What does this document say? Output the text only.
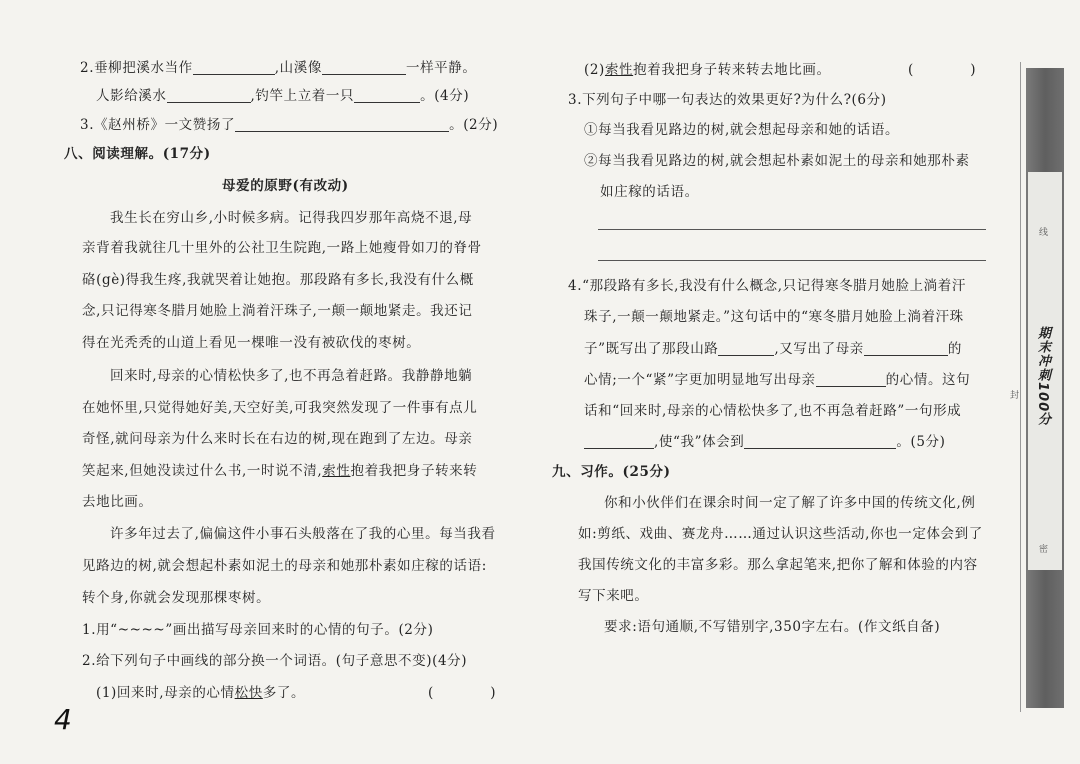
2.垂柳把溪水当作	,山溪像	一样平静。
人影给溪水	,钓竿上立着一只	。(4分)
3.《赵州桥》一文赞扬了	。(2分)
八、阅读理解。(17分)
母爱的原野(有改动)
我生长在穷山乡,小时候多病。记得我四岁那年高烧不退,母
亲背着我就往几十里外的公社卫生院跑,一路上她瘦骨如刀的脊骨
硌(gè)得我生疼,我就哭着让她抱。那段路有多长,我没有什么概
念,只记得寒冬腊月她脸上淌着汗珠子,一颠一颠地紧走。我还记
得在光秃秃的山道上看见一棵唯一没有被砍伐的枣树。
回来时,母亲的心情松快多了,也不再急着赶路。我静静地躺
在她怀里,只觉得她好美,天空好美,可我突然发现了一件事有点儿
奇怪,就问母亲为什么来时长在右边的树,现在跑到了左边。母亲
笑起来,但她没读过什么书,一时说不清,索性抱着我把身子转来转
去地比画。
许多年过去了,偏偏这件小事石头般落在了我的心里。每当我看
见路边的树,就会想起朴素如泥土的母亲和她那朴素如庄稼的话语:
转个身,你就会发现那棵枣树。
1.用“~~~~”画出描写母亲回来时的心情的句子。(2分)
2.给下列句子中画线的部分换一个词语。(句子意思不变)(4分)
(1)回来时,母亲的心情松快多了。	(　　　　)
4
(2)索性抱着我把身子转来转去地比画。	(　　　　)
3.下列句子中哪一句表达的效果更好?为什么?(6分)
①每当我看见路边的树,就会想起母亲和她的话语。
②每当我看见路边的树,就会想起朴素如泥土的母亲和她那朴素
如庄稼的话语。
4.“那段路有多长,我没有什么概念,只记得寒冬腊月她脸上淌着汗
珠子,一颠一颠地紧走。”这句话中的“寒冬腊月她脸上淌着汗珠
子”既写出了那段山路	,又写出了母亲	的
心情;一个“紧”字更加明显地写出母亲	的心情。这句
话和“回来时,母亲的心情松快多了,也不再急着赶路”一句形成
,使“我”体会到	。(5分)
九、习作。(25分)
你和小伙伴们在课余时间一定了解了许多中国的传统文化,例
如:剪纸、戏曲、赛龙舟……通过认识这些活动,你也一定体会到了
我国传统文化的丰富多彩。那么拿起笔来,把你了解和体验的内容
写下来吧。
要求:语句通顺,不写错别字,350字左右。(作文纸自备)
期末冲刺100分
线
封
密
